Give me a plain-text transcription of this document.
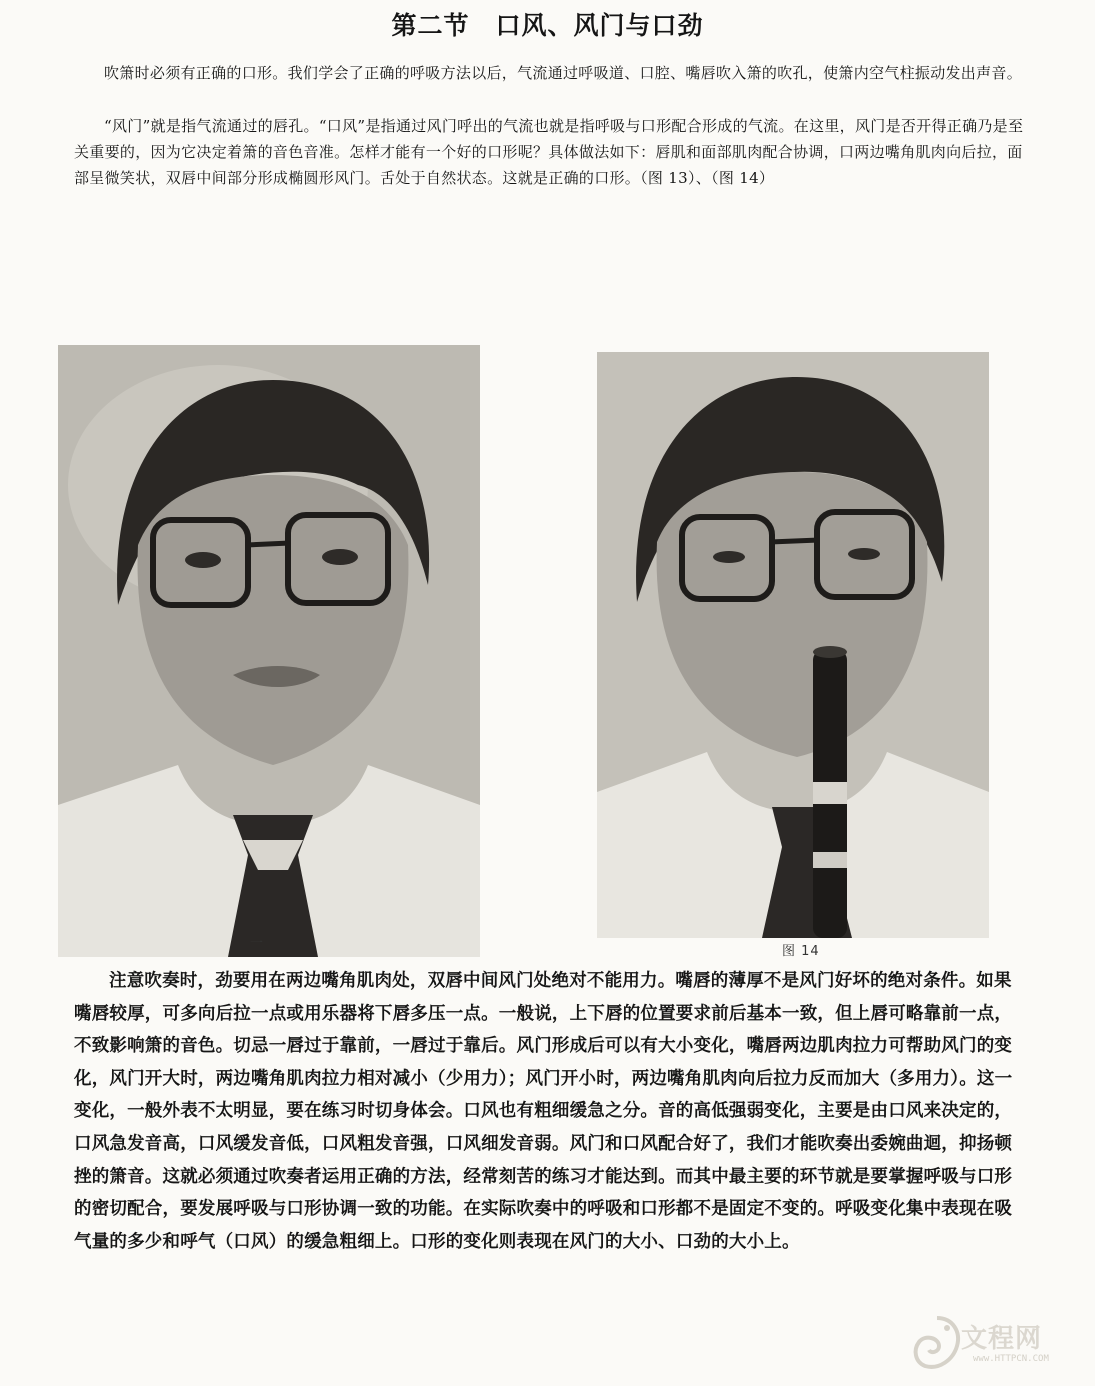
第二节　口风、风门与口劲

吹箫时必须有正确的口形。我们学会了正确的呼吸方法以后，气流通过呼吸道、口腔、嘴唇吹入箫的吹孔，使箫内空气柱振动发出声音。

“风门”就是指气流通过的唇孔。“口风”是指通过风门呼出的气流也就是指呼吸与口形配合形成的气流。在这里，风门是否开得正确乃是至关重要的，因为它决定着箫的音色音准。怎样才能有一个好的口形呢？具体做法如下：唇肌和面部肌肉配合协调，口两边嘴角肌肉向后拉，面部呈微笑状，双唇中间部分形成椭圆形风门。舌处于自然状态。这就是正确的口形。（图 13）、（图 14）

一
图 14

注意吹奏时，劲要用在两边嘴角肌肉处，双唇中间风门处绝对不能用力。嘴唇的薄厚不是风门好坏的绝对条件。如果嘴唇较厚，可多向后拉一点或用乐器将下唇多压一点。一般说，上下唇的位置要求前后基本一致，但上唇可略靠前一点，不致影响箫的音色。切忌一唇过于靠前，一唇过于靠后。风门形成后可以有大小变化，嘴唇两边肌肉拉力可帮助风门的变化，风门开大时，两边嘴角肌肉拉力相对减小（少用力）；风门开小时，两边嘴角肌肉向后拉力反而加大（多用力）。这一变化，一般外表不太明显，要在练习时切身体会。口风也有粗细缓急之分。音的高低强弱变化，主要是由口风来决定的，口风急发音高，口风缓发音低，口风粗发音强，口风细发音弱。风门和口风配合好了，我们才能吹奏出委婉曲迴，抑扬顿挫的箫音。这就必须通过吹奏者运用正确的方法，经常刻苦的练习才能达到。而其中最主要的环节就是要掌握呼吸与口形的密切配合，要发展呼吸与口形协调一致的功能。在实际吹奏中的呼吸和口形都不是固定不变的。呼吸变化集中表现在吸气量的多少和呼气（口风）的缓急粗细上。口形的变化则表现在风门的大小、口劲的大小上。

文程网
www.HTTPCN.COM
